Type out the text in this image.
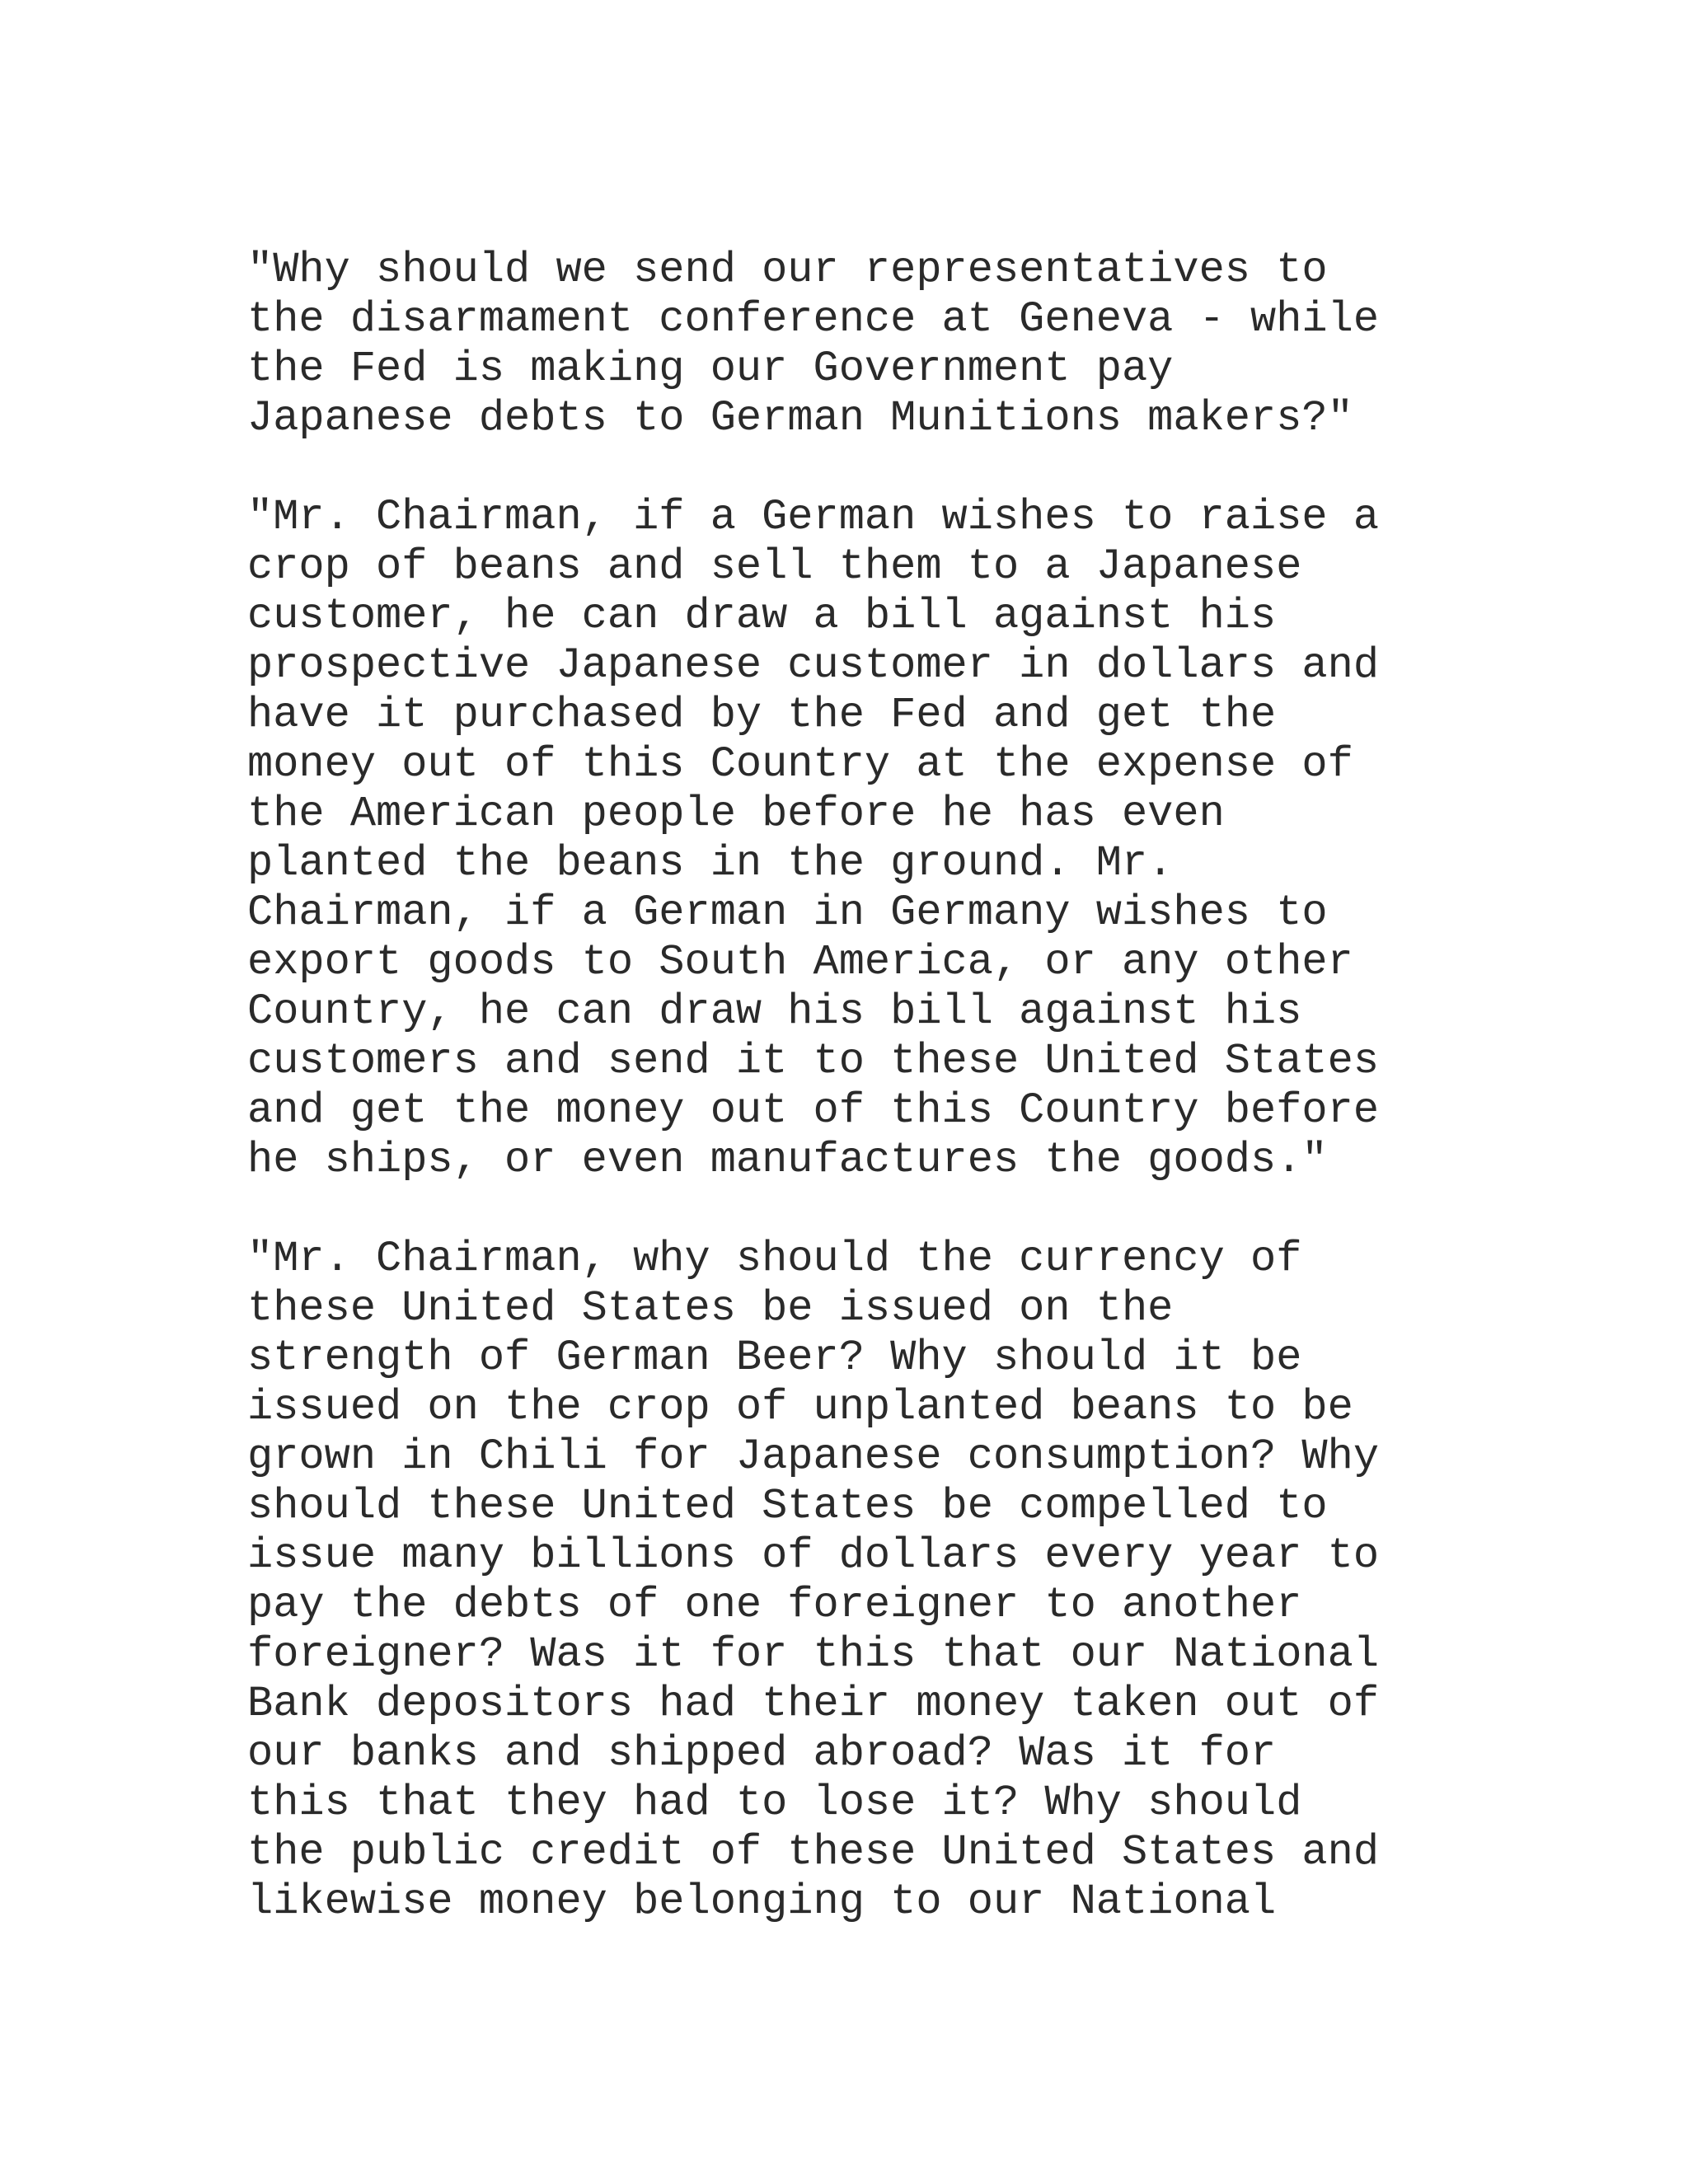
"Why should we send our representatives to
the disarmament conference at Geneva - while
the Fed is making our Government pay
Japanese debts to German Munitions makers?"
"Mr. Chairman, if a German wishes to raise a
crop of beans and sell them to a Japanese
customer, he can draw a bill against his
prospective Japanese customer in dollars and
have it purchased by the Fed and get the
money out of this Country at the expense of
the American people before he has even
planted the beans in the ground. Mr.
Chairman, if a German in Germany wishes to
export goods to South America, or any other
Country, he can draw his bill against his
customers and send it to these United States
and get the money out of this Country before
he ships, or even manufactures the goods."
"Mr. Chairman, why should the currency of
these United States be issued on the
strength of German Beer? Why should it be
issued on the crop of unplanted beans to be
grown in Chili for Japanese consumption? Why
should these United States be compelled to
issue many billions of dollars every year to
pay the debts of one foreigner to another
foreigner? Was it for this that our National
Bank depositors had their money taken out of
our banks and shipped abroad? Was it for
this that they had to lose it? Why should
the public credit of these United States and
likewise money belonging to our National
